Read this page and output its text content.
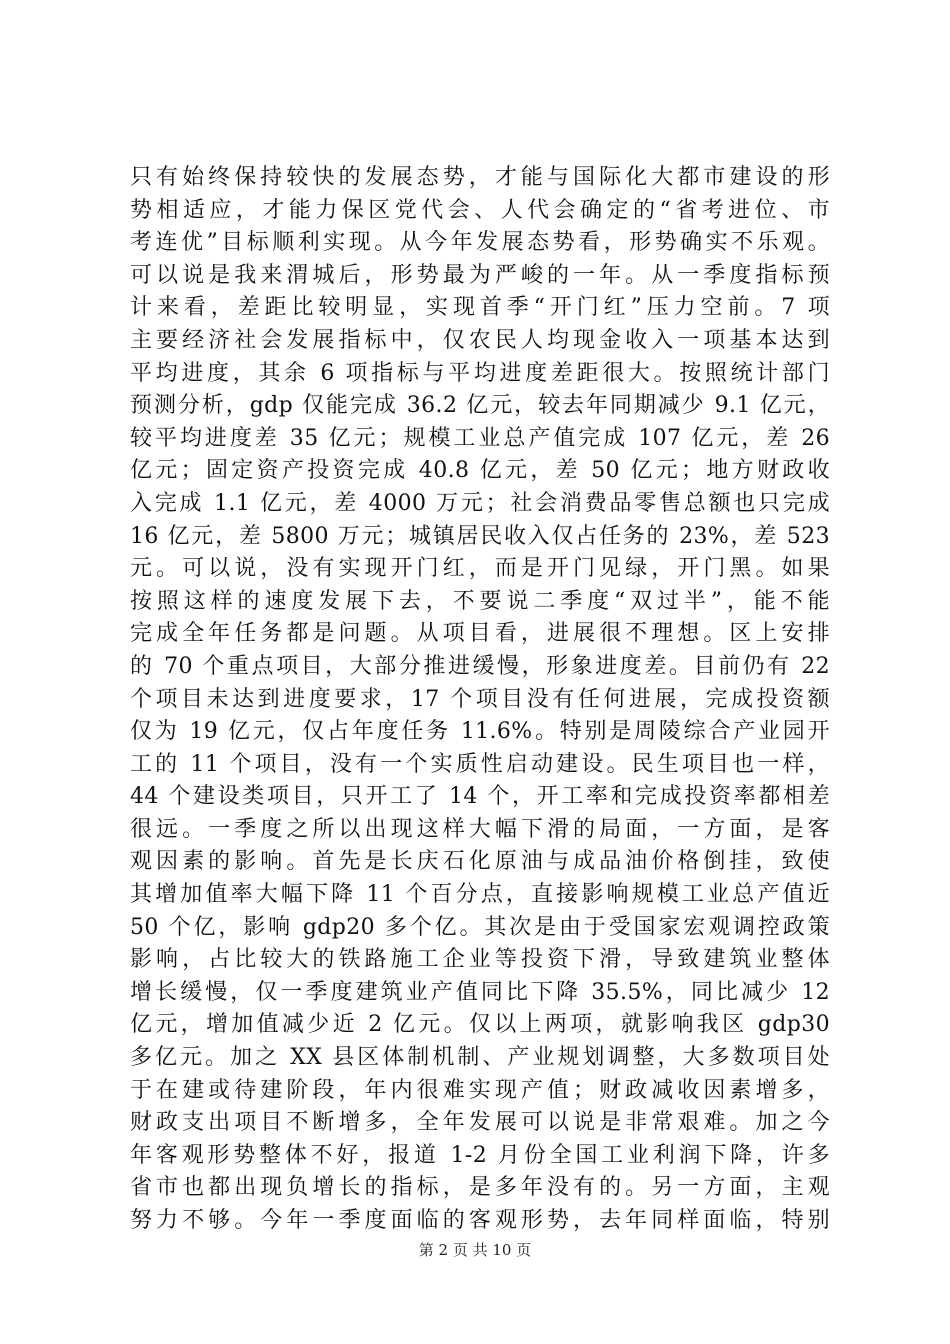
只有始终保持较快的发展态势，才能与国际化大都市建设的形
势相适应，才能力保区党代会、人代会确定的“省考进位、市
考连优”目标顺利实现。从今年发展态势看，形势确实不乐观。
可以说是我来渭城后，形势最为严峻的一年。从一季度指标预
计来看，差距比较明显，实现首季“开门红”压力空前。7 项
主要经济社会发展指标中，仅农民人均现金收入一项基本达到
平均进度，其余 6 项指标与平均进度差距很大。按照统计部门
预测分析，gdp 仅能完成 36.2 亿元，较去年同期减少 9.1 亿元，
较平均进度差 35 亿元；规模工业总产值完成 107 亿元，差 26
亿元；固定资产投资完成 40.8 亿元，差 50 亿元；地方财政收
入完成 1.1 亿元，差 4000 万元；社会消费品零售总额也只完成
16 亿元，差 5800 万元；城镇居民收入仅占任务的 23%，差 523
元。可以说，没有实现开门红，而是开门见绿，开门黑。如果
按照这样的速度发展下去，不要说二季度“双过半”，能不能
完成全年任务都是问题。从项目看，进展很不理想。区上安排
的 70 个重点项目，大部分推进缓慢，形象进度差。目前仍有 22
个项目未达到进度要求，17 个项目没有任何进展，完成投资额
仅为 19 亿元，仅占年度任务 11.6%。特别是周陵综合产业园开
工的 11 个项目，没有一个实质性启动建设。民生项目也一样，
44 个建设类项目，只开工了 14 个，开工率和完成投资率都相差
很远。一季度之所以出现这样大幅下滑的局面，一方面，是客
观因素的影响。首先是长庆石化原油与成品油价格倒挂，致使
其增加值率大幅下降 11 个百分点，直接影响规模工业总产值近
50 个亿，影响 gdp20 多个亿。其次是由于受国家宏观调控政策
影响，占比较大的铁路施工企业等投资下滑，导致建筑业整体
增长缓慢，仅一季度建筑业产值同比下降 35.5%，同比减少 12
亿元，增加值减少近 2 亿元。仅以上两项，就影响我区 gdp30
多亿元。加之 XX 县区体制机制、产业规划调整，大多数项目处
于在建或待建阶段，年内很难实现产值；财政减收因素增多，
财政支出项目不断增多，全年发展可以说是非常艰难。加之今
年客观形势整体不好，报道 1-2 月份全国工业利润下降，许多
省市也都出现负增长的指标，是多年没有的。另一方面，主观
努力不够。今年一季度面临的客观形势，去年同样面临，特别
第 2 页 共 10 页
